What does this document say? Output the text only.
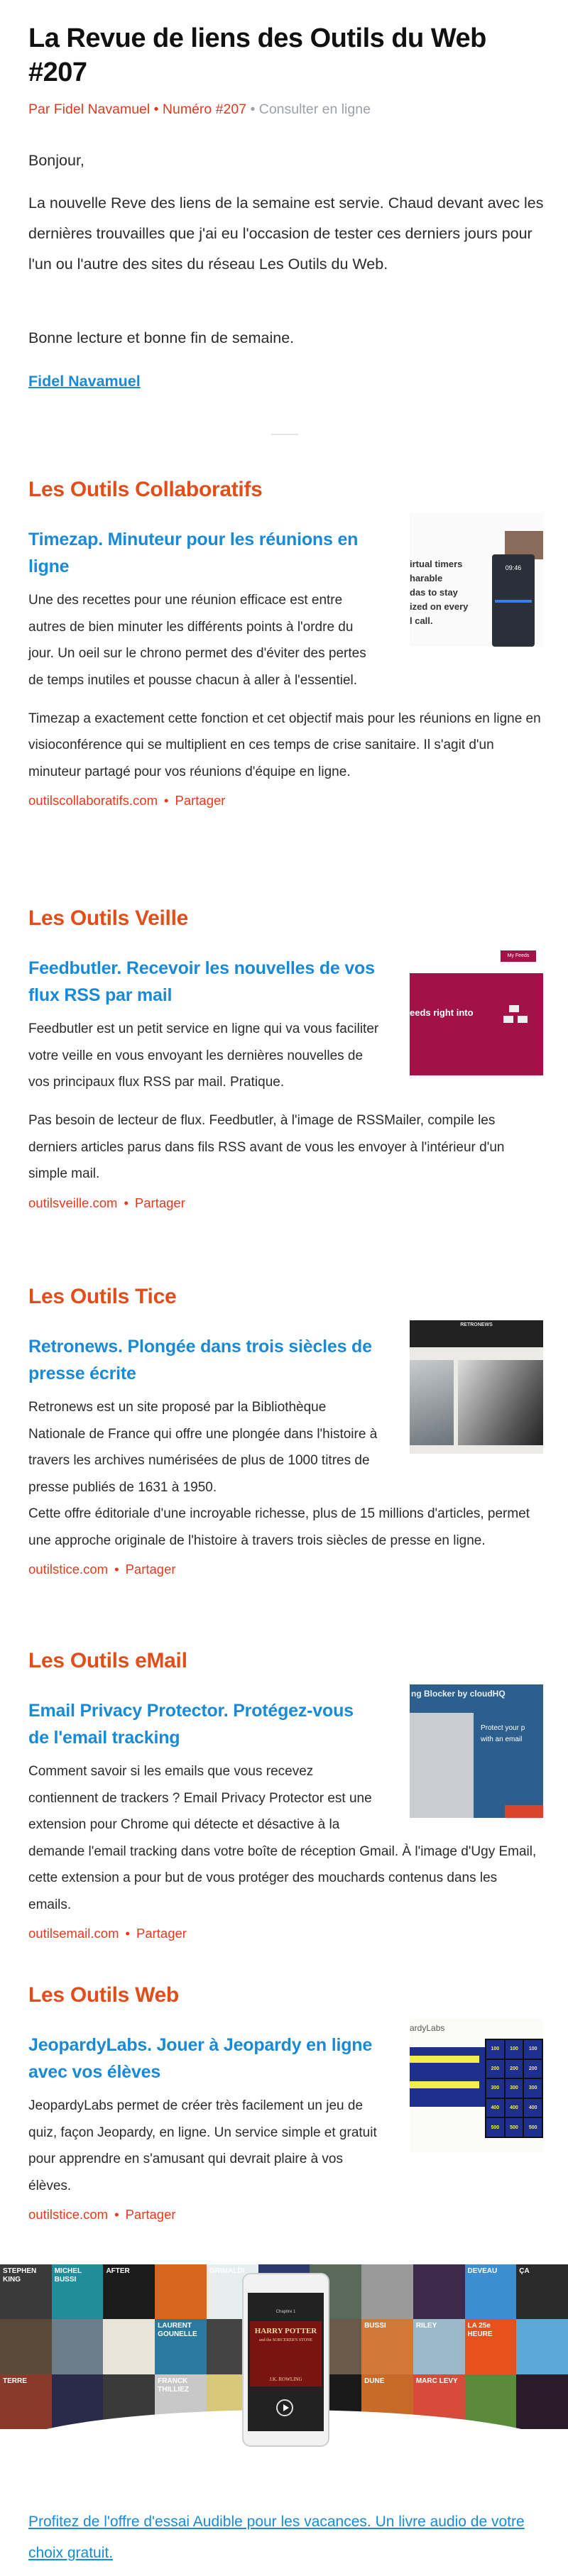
La Revue de liens des Outils du Web #207
Par Fidel Navamuel • Numéro #207 • Consulter en ligne

Bonjour,

La nouvelle Reve des liens de la semaine est servie. Chaud devant avec les dernières trouvailles que j'ai eu l'occasion de tester ces derniers jours pour l'un ou l'autre des sites du réseau Les Outils du Web.

Bonne lecture et bonne fin de semaine.

Fidel Navamuel
Les Outils Collaboratifs
irtual timers
harable
das to stay
ized on every
l call.
09:46
Timezap. Minuteur pour les réunions en ligne

Une des recettes pour une réunion efficace est entre autres de bien minuter les différents points à l'ordre du jour. Un oeil sur le chrono permet des d'éviter des pertes de temps inutiles et pousse chacun à aller à l'essentiel.

Timezap a exactement cette fonction et cet objectif mais pour les réunions en ligne en visioconférence qui se multiplient en ces temps de crise sanitaire. Il s'agit d'un minuteur partagé pour vos réunions d'équipe en ligne.

outilscollaboratifs.com • Partager
Les Outils Veille
My Feeds
eeds right into
Feedbutler. Recevoir les nouvelles de vos flux RSS par mail

Feedbutler est un petit service en ligne qui va vous faciliter votre veille en vous envoyant les dernières nouvelles de vos principaux flux RSS par mail. Pratique.

Pas besoin de lecteur de flux. Feedbutler, à l'image de RSSMailer, compile les derniers articles parus dans fils RSS avant de vous les envoyer à l'intérieur d'un simple mail.

outilsveille.com • Partager
Les Outils Tice
RETRONEWS
Retronews. Plongée dans trois siècles de presse écrite

Retronews est un site proposé par la Bibliothèque Nationale de France qui offre une plongée dans l'histoire à travers les archives numérisées de plus de 1000 titres de presse publiés de 1631 à 1950.

Cette offre éditoriale d'une incroyable richesse, plus de 15 millions d'articles, permet une approche originale de l'histoire à travers trois siècles de presse en ligne.

outilstice.com • Partager
Les Outils eMail
ng Blocker by cloudHQ
Protect your p
with an email
Email Privacy Protector. Protégez-vous de l'email tracking

Comment savoir si les emails que vous recevez contiennent de trackers ? Email Privacy Protector est une extension pour Chrome qui détecte et désactive à la demande l'email tracking dans votre boîte de réception Gmail. À l'image d'Ugy Email, cette extension a pour but de vous protéger des mouchards contenus dans les emails.

outilsemail.com • Partager
Les Outils Web
ardyLabs
100	100	100
200	200	200
300	300	300
400	400	400
500	500	500
JeopardyLabs. Jouer à Jeopardy en ligne avec vos élèves

JeopardyLabs permet de créer très facilement un jeu de quiz, façon Jeopardy, en ligne. Un service simple et gratuit pour apprendre en s'amusant qui devrait plaire à vos élèves.

outilstice.com • Partager
STEPHEN KING
MICHEL BUSSI
AFTER	GRIMALDI	DEVEAU	ÇA
LAURENT GOUNELLE
BUSSI	RILEY	LA 25e HEURE
TERRE	FRANCK THILLIEZ
DUNE	MARC LEVY
Chapitre 1
HARRY POTTER
and the SORCERER'S STONE
J.K. ROWLING
Profitez de l'offre d'essai Audible pour les vacances. Un livre audio de votre choix gratuit.
